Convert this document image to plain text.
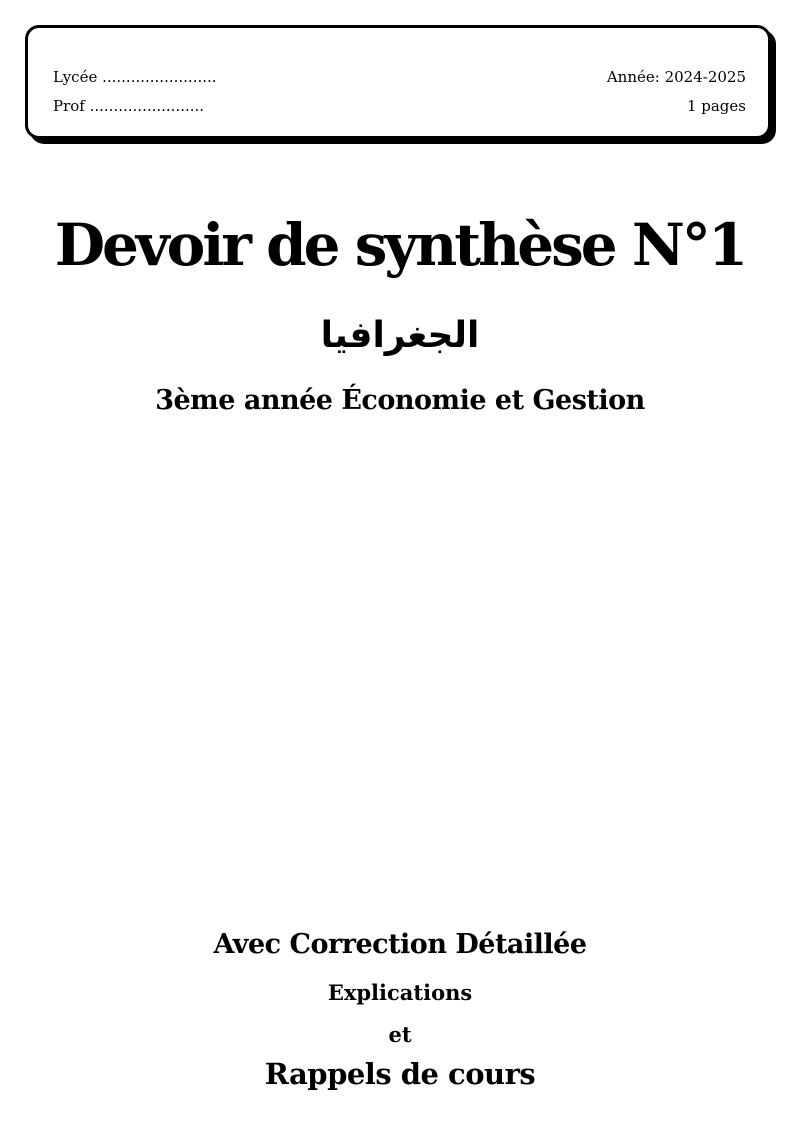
Lycée ........................
Prof ........................
Année: 2024-2025
1 pages
Devoir de synthèse N°1
الجغرافيا
3ème année Économie et Gestion
Avec Correction Détaillée
Explications
et
Rappels de cours
